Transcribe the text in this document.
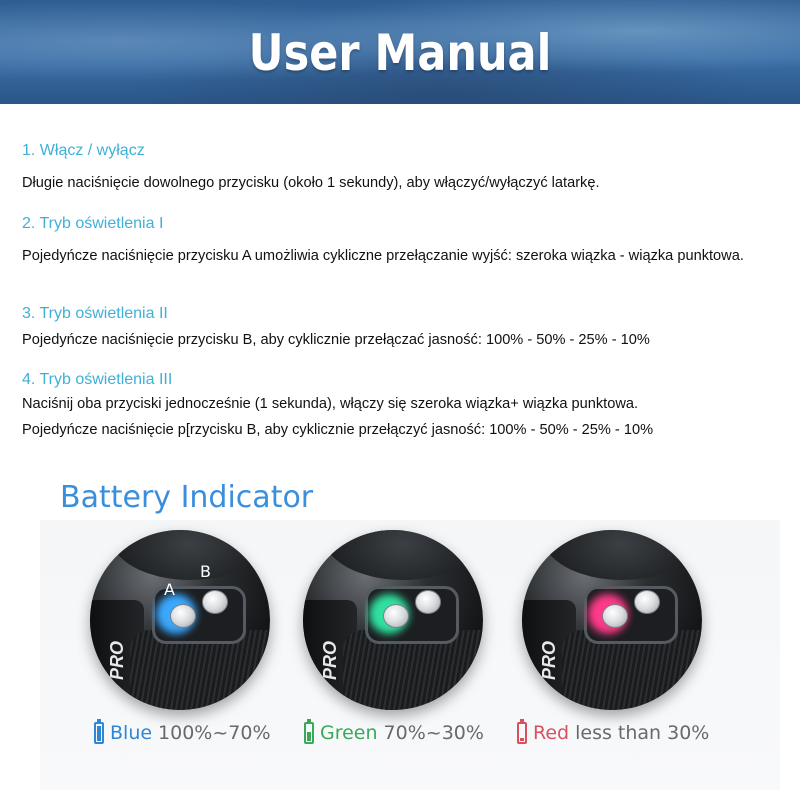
User Manual
1. Włącz / wyłącz
Długie naciśnięcie dowolnego przycisku (około 1 sekundy), aby włączyć/wyłączyć latarkę.
2. Tryb oświetlenia I
Pojedyńcze naciśnięcie przycisku A umożliwia cykliczne przełączanie wyjść: szeroka wiązka - wiązka punktowa.
3. Tryb oświetlenia II
Pojedyńcze naciśnięcie przycisku B, aby cyklicznie przełączać jasność: 100% - 50% - 25% - 10%
4. Tryb oświetlenia III
Naciśnij oba przyciski jednocześnie (1 sekunda), włączy się szeroka wiązka+ wiązka punktowa.
Pojedyńcze naciśnięcie p[rzycisku B, aby cyklicznie przełączyć jasność: 100% - 50% - 25% - 10%
Battery Indicator
PRO
A
B
PRO	PRO
Blue 100%~70%	Green 70%~30%	Red less than 30%
